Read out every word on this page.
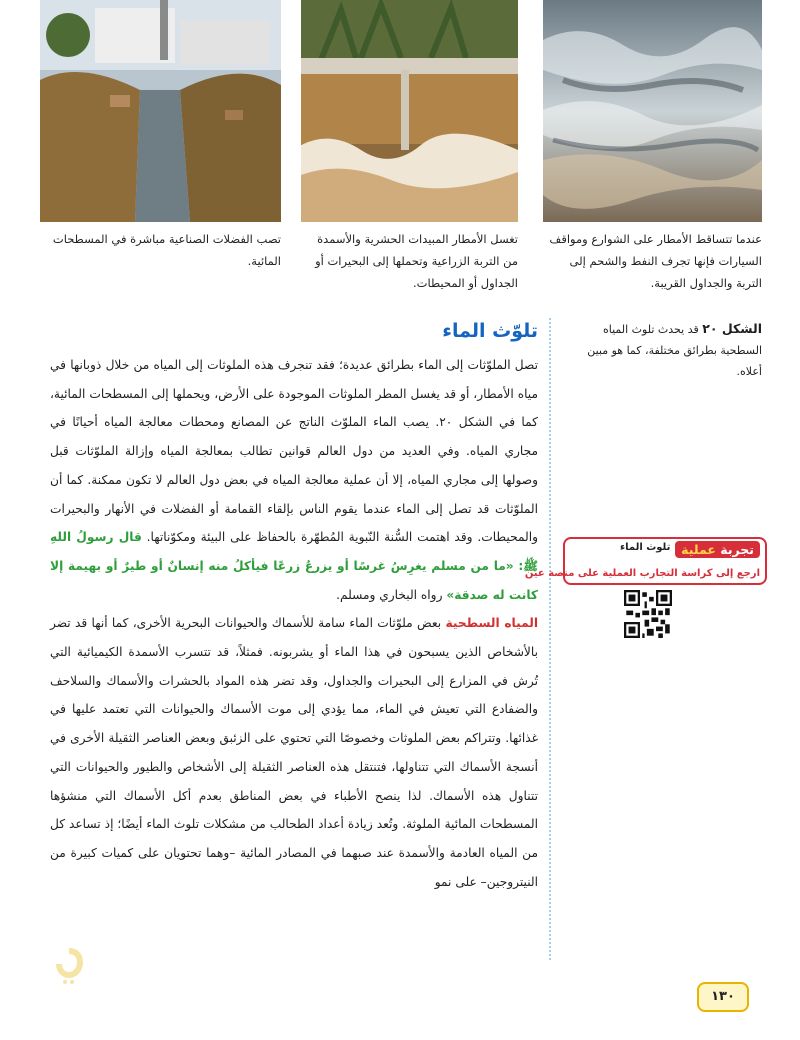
عندما تتساقط الأمطار على الشوارع ومواقف السيارات فإنها تجرف النفط والشحم إلى التربة والجداول القريبة.
تغسل الأمطار المبيدات الحشرية والأسمدة من التربة الزراعية وتحملها إلى البحيرات أو الجداول أو المحيطات.
تصب الفضلات الصناعية مباشرة في المسطحات المائية.
الشكل ٢٠ قد يحدث تلوث المياه السطحية بطرائق مختلفة، كما هو مبين أعلاه.
تلوّث الماء

تصل الملوّثات إلى الماء بطرائق عديدة؛ فقد تنجرف هذه الملوثات إلى المياه من خلال ذوبانها في مياه الأمطار، أو قد يغسل المطر الملوثات الموجودة على الأرض، ويحملها إلى المسطحات المائية، كما في الشكل ٢٠. يصب الماء الملوّث الناتج عن المصانع ومحطات معالجة المياه أحيانًا في مجاري المياه. وفي العديد من دول العالم قوانين تطالب بمعالجة المياه وإزالة الملوّثات قبل وصولها إلى مجاري المياه، إلا أن عملية معالجة المياه في بعض دول العالم لا تكون ممكنة. كما أن الملوّثات قد تصل إلى الماء عندما يقوم الناس بإلقاء القمامة أو الفضلات في الأنهار والبحيرات والمحيطات. وقد اهتمت السُّنة النّبوية المُطهّرة بالحفاظ على البيئة ومكوّناتها. قال رسولُ اللهِ ﷺ: «ما من مسلم يغرِسُ غرسًا أو يزرعُ زرعًا فيأكلُ منه إنسانٌ أو طيرٌ أو بهيمة إلا كانت له صدقة» رواه البخاري ومسلم.

المياه السطحية بعض ملوّثات الماء سامة للأسماك والحيوانات البحرية الأخرى، كما أنها قد تضر بالأشخاص الذين يسبحون في هذا الماء أو يشربونه. فمثلاً، قد تتسرب الأسمدة الكيميائية التي تُرش في المزارع إلى البحيرات والجداول، وقد تضر هذه المواد بالحشرات والأسماك والسلاحف والضفادع التي تعيش في الماء، مما يؤدي إلى موت الأسماك والحيوانات التي تعتمد عليها في غذائها. وتتراكم بعض الملوثات وخصوصًا التي تحتوي على الزئبق وبعض العناصر الثقيلة الأخرى في أنسجة الأسماك التي تتناولها، فتنتقل هذه العناصر الثقيلة إلى الأشخاص والطيور والحيوانات التي تتناول هذه الأسماك. لذا ينصح الأطباء في بعض المناطق بعدم أكل الأسماك التي منشؤها المسطحات المائية الملوثة. وتُعد زيادة أعداد الطحالب من مشكلات تلوث الماء أيضًا؛ إذ تساعد كل من المياه العادمة والأسمدة عند صبهما في المصادر المائية –وهما تحتويان على كميات كبيرة من النيتروجين– على نمو

تجربة عملية
تلوث الماء
ارجع إلى كراسة التجارب العملية على منصة عين
١٣٠
